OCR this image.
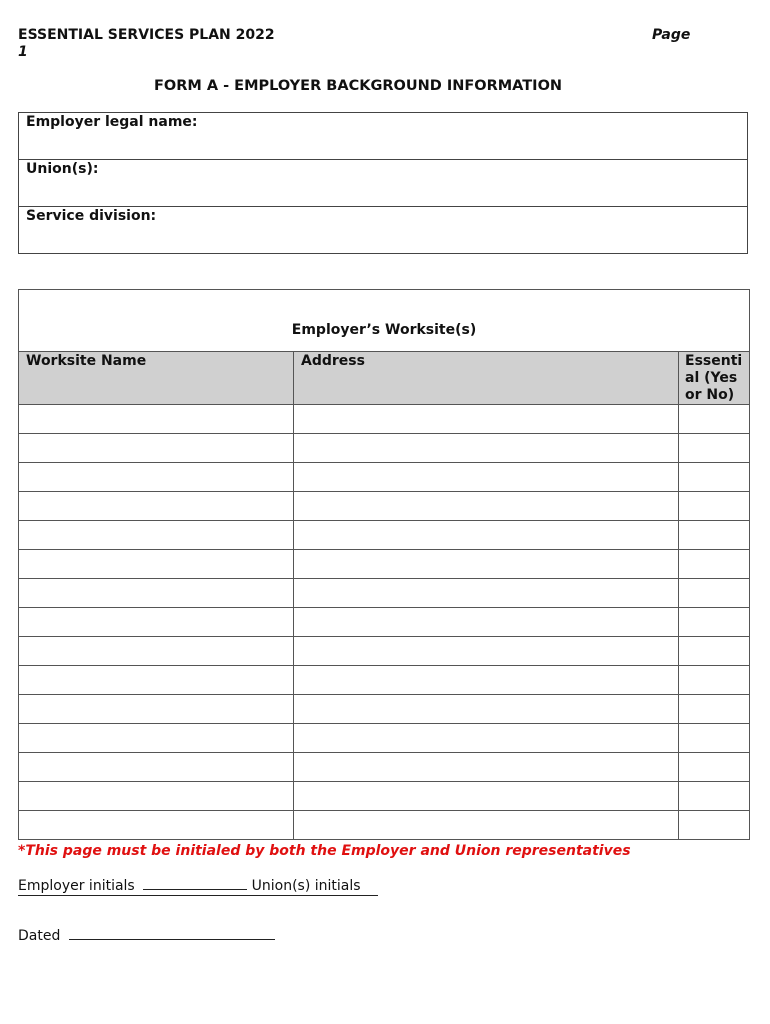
ESSENTIAL SERVICES PLAN 2022
1
Page
FORM A - EMPLOYER BACKGROUND INFORMATION
Employer legal name:
Union(s):
Service division:
Employer’s Worksite(s)		
Worksite Name	Address	Essenti al (Yes or No)

*This page must be initialed by both the Employer and Union representatives
Employer initials	Union(s) initials
Dated
